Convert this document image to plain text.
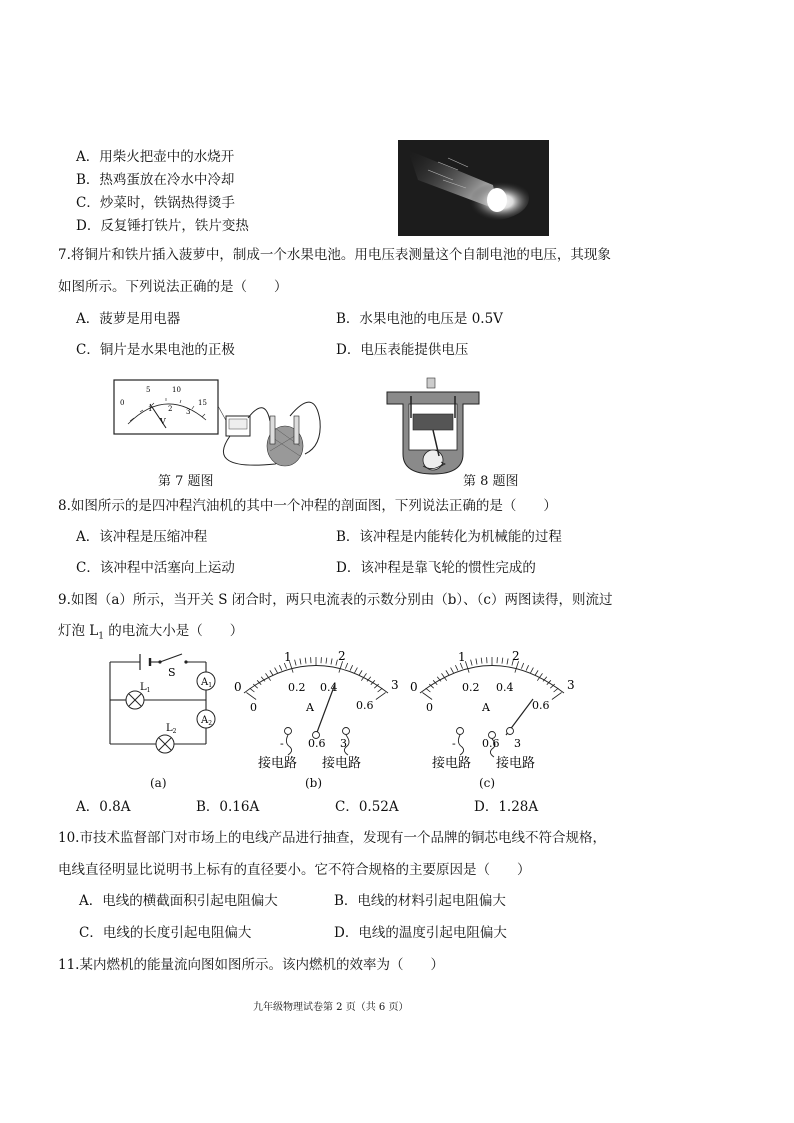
A．用柴火把壶中的水烧开
B．热鸡蛋放在冷水中冷却
C．炒菜时，铁锅热得烫手
D．反复锤打铁片，铁片变热
7.将铜片和铁片插入菠萝中，制成一个水果电池。用电压表测量这个自制电池的电压，其现象
如图所示。下列说法正确的是（　　）
A．菠萝是用电器	B．水果电池的电压是 0.5V
C．铜片是水果电池的正极	D．电压表能提供电压
0
5	10
15
1 2 3
V
第 7 题图	第 8 题图
8.如图所示的是四冲程汽油机的其中一个冲程的剖面图，下列说法正确的是（　　）
A．该冲程是压缩冲程	B．该冲程是内能转化为机械能的过程
C．该冲程中活塞向上运动	D．该冲程是靠飞轮的惯性完成的
9.如图（a）所示，当开关 S 闭合时，两只电流表的示数分别由（b）、（c）两图读得，则流过
灯泡 $L_1$ 的电流大小是（　　）
S
$A_1$
$A_2$
$L_1$
$L_2$
(a)
0
1	2
3
0
0.2 0.4
0.6
A
- 0.6 3
接电路 接电路
(b)
0
1	2
3
0
0.2 0.4
0.6
A
- 0.6 3
接电路 接电路
(c)
A．0.8A	B．0.16A	C．0.52A	D．1.28A
10.市技术监督部门对市场上的电线产品进行抽查，发现有一个品牌的铜芯电线不符合规格，
电线直径明显比说明书上标有的直径要小。它不符合规格的主要原因是（　　）
A．电线的横截面积引起电阻偏大	B．电线的材料引起电阻偏大
C．电线的长度引起电阻偏大	D．电线的温度引起电阻偏大
11.某内燃机的能量流向图如图所示。该内燃机的效率为（　　）
九年级物理试卷第 2 页（共 6 页）
